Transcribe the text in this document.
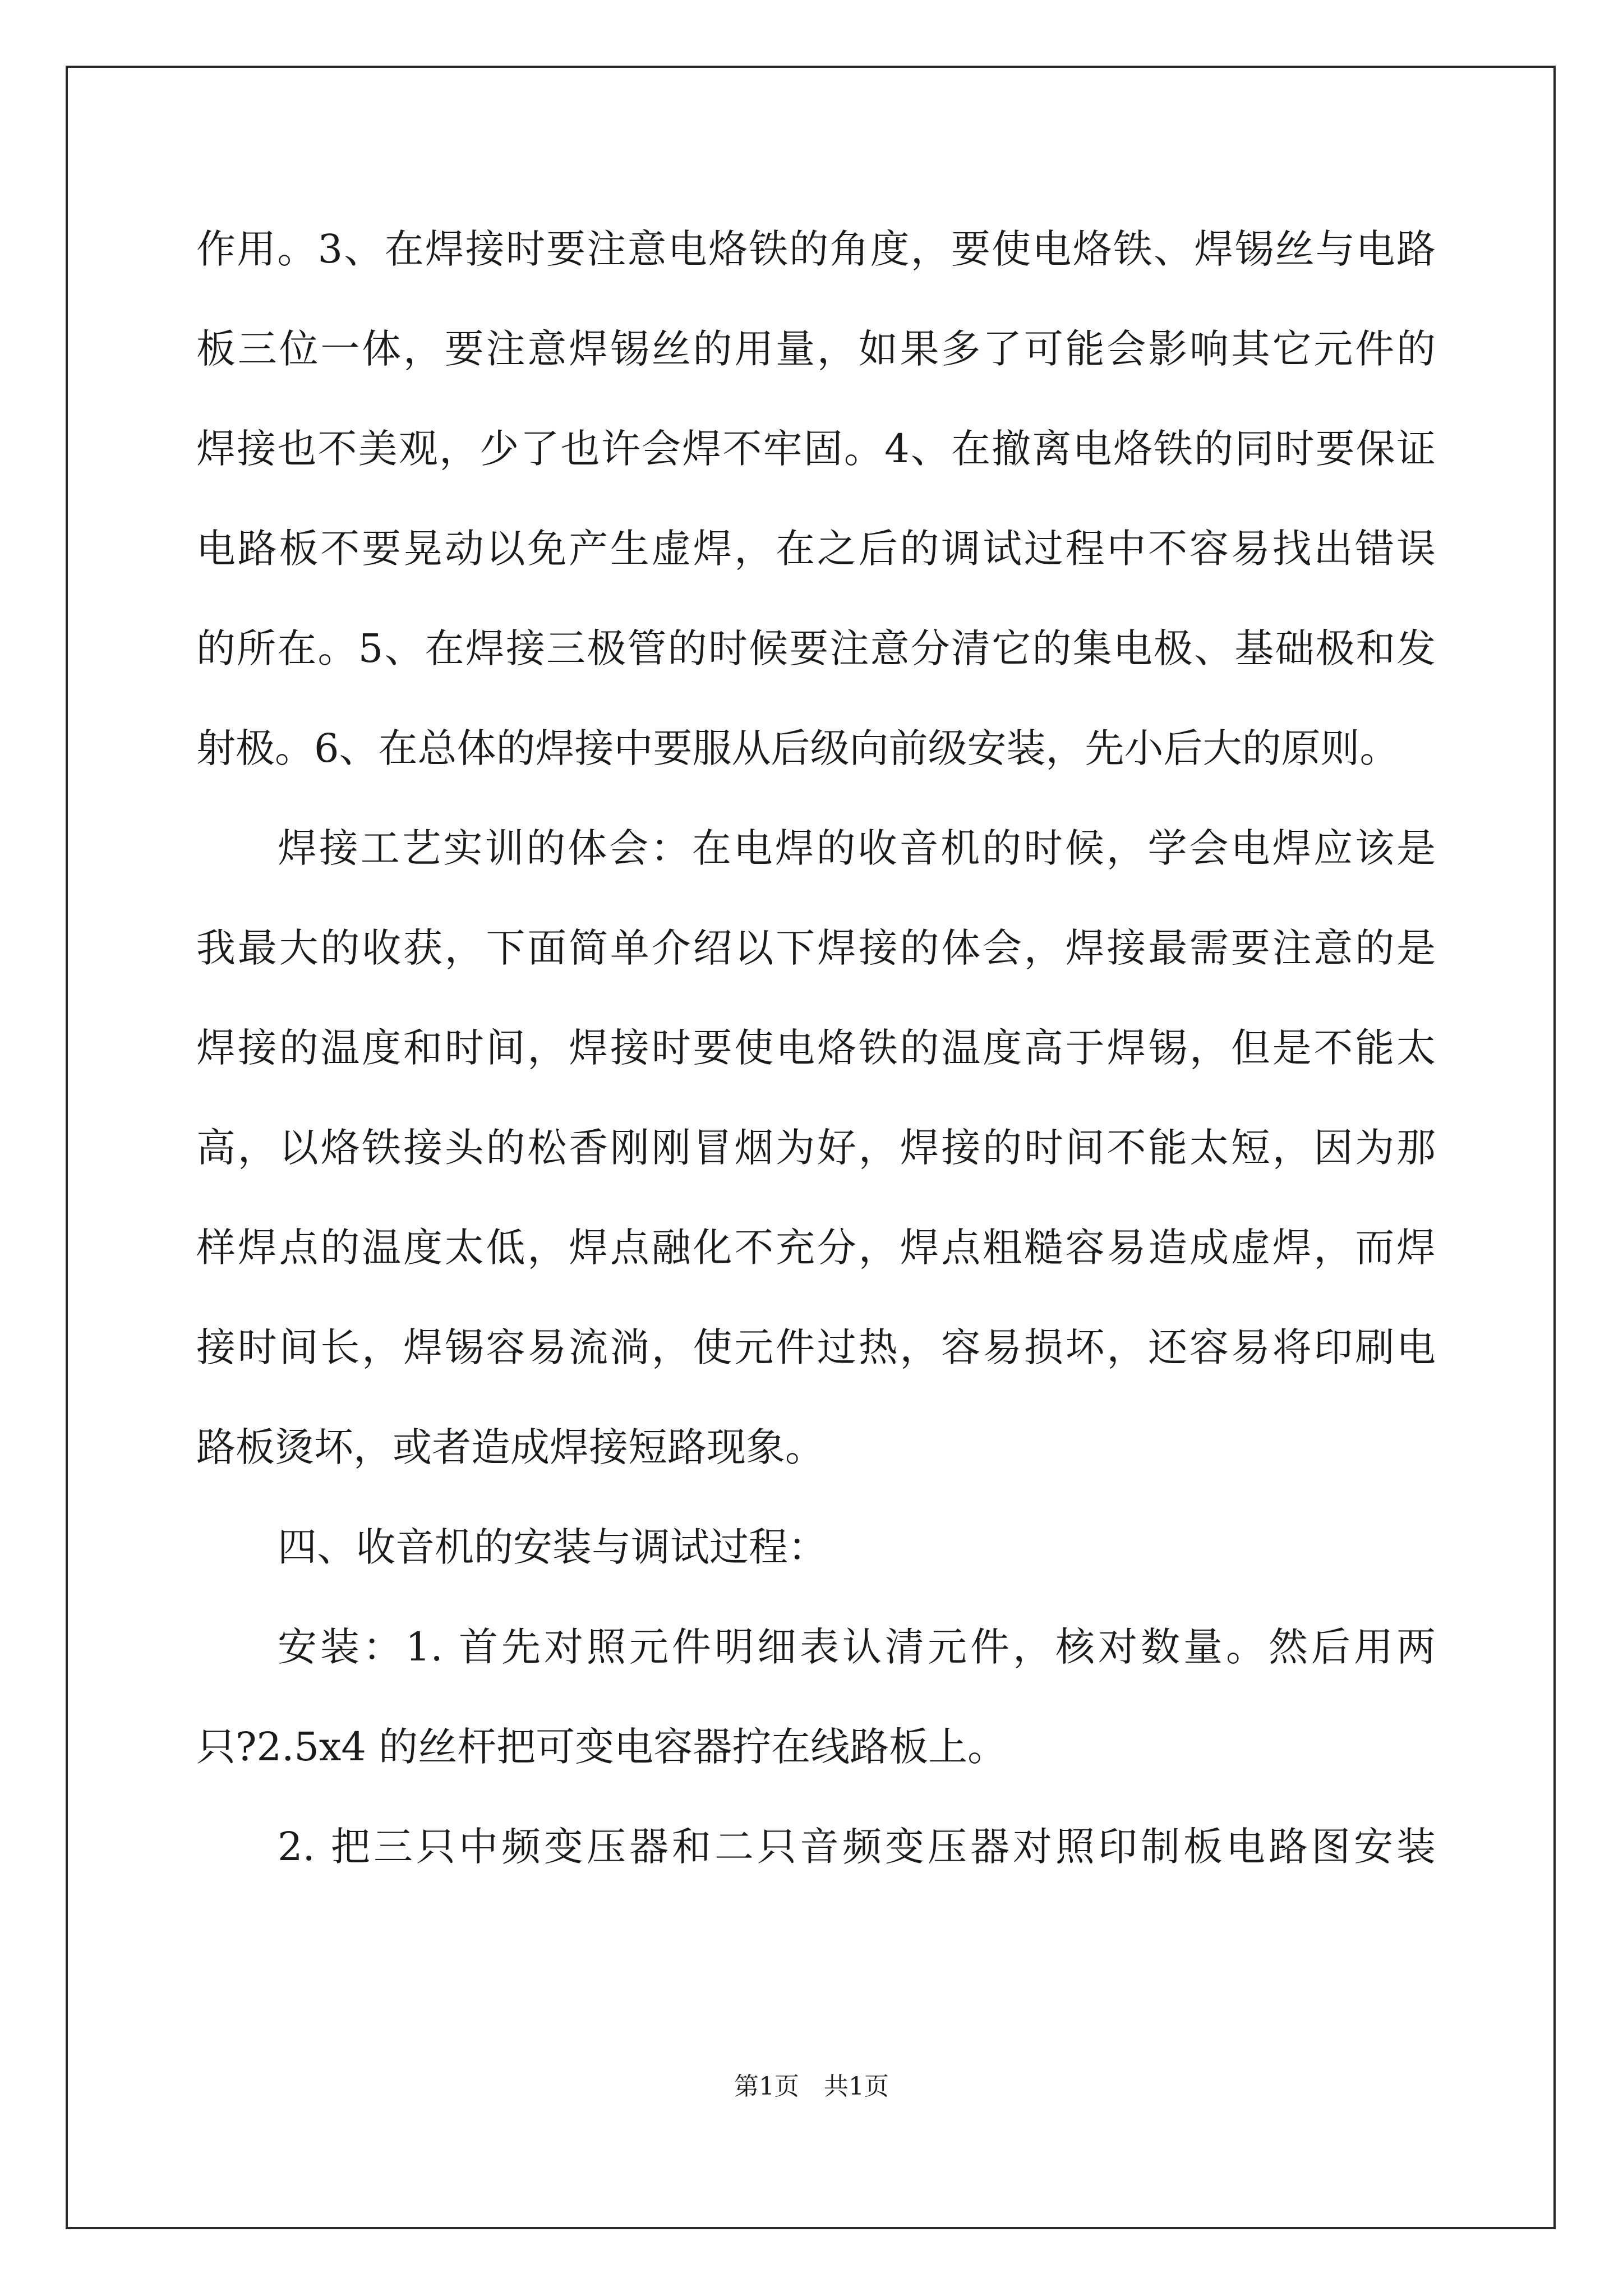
作用。3、在焊接时要注意电烙铁的角度，要使电烙铁、焊锡丝与电路
板三位一体，要注意焊锡丝的用量，如果多了可能会影响其它元件的
焊接也不美观，少了也许会焊不牢固。4、在撤离电烙铁的同时要保证
电路板不要晃动以免产生虚焊，在之后的调试过程中不容易找出错误
的所在。5、在焊接三极管的时候要注意分清它的集电极、基础极和发
射极。6、在总体的焊接中要服从后级向前级安装，先小后大的原则。
焊接工艺实训的体会：在电焊的收音机的时候，学会电焊应该是
我最大的收获，下面简单介绍以下焊接的体会，焊接最需要注意的是
焊接的温度和时间，焊接时要使电烙铁的温度高于焊锡，但是不能太
高，以烙铁接头的松香刚刚冒烟为好，焊接的时间不能太短，因为那
样焊点的温度太低，焊点融化不充分，焊点粗糙容易造成虚焊，而焊
接时间长，焊锡容易流淌，使元件过热，容易损坏，还容易将印刷电
路板烫坏，或者造成焊接短路现象。
四、收音机的安装与调试过程：
安装：1. 首先对照元件明细表认清元件，核对数量。然后用两
只?2.5x4 的丝杆把可变电容器拧在线路板上。
2. 把三只中频变压器和二只音频变压器对照印制板电路图安装
第1页　共1页
